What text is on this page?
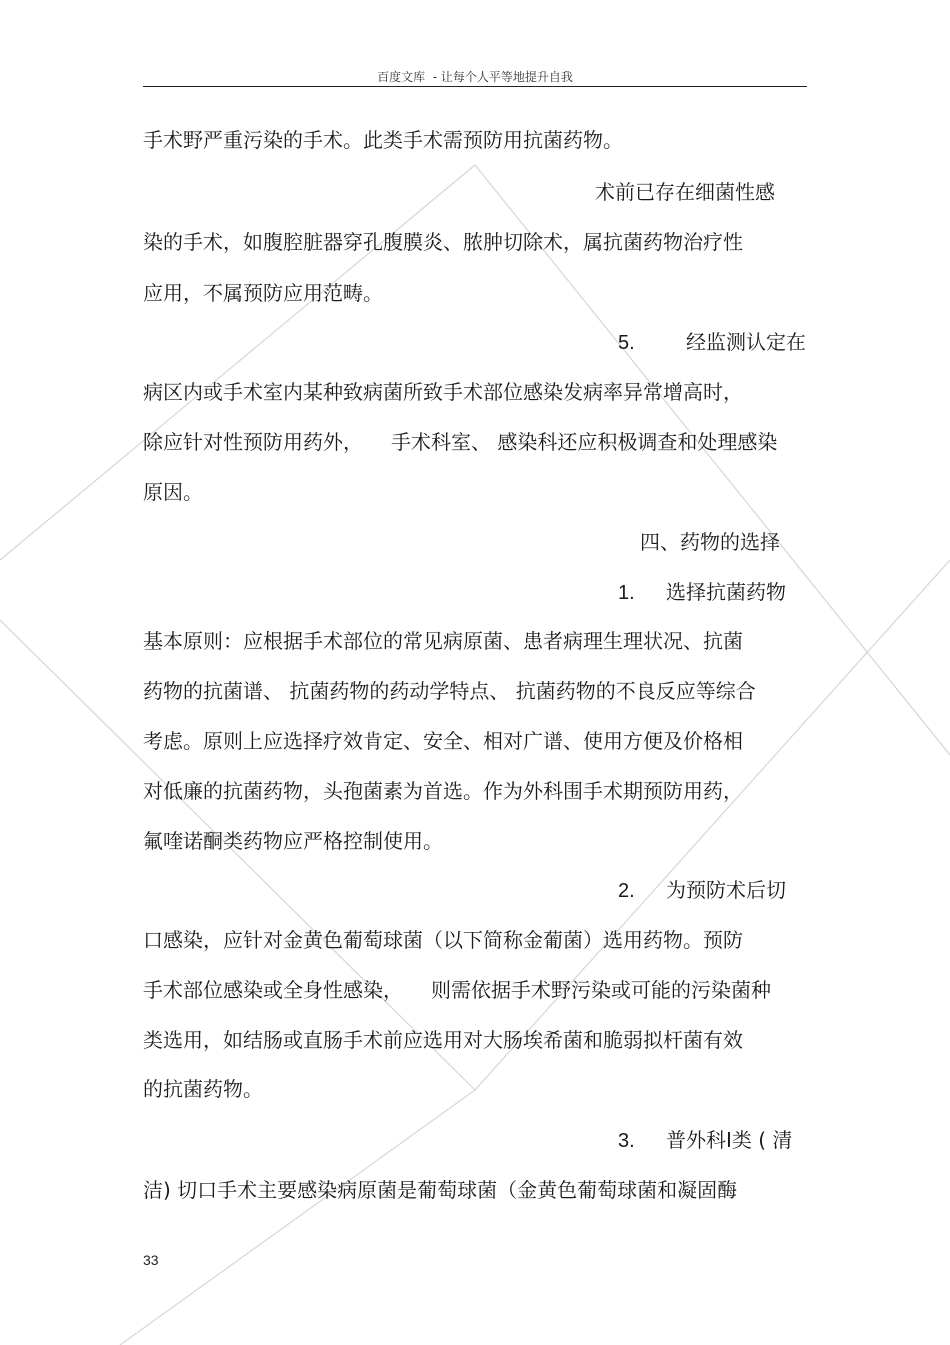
百度文库  - 让每个人平等地提升自我
手术野严重污染的手术。此类手术需预防用抗菌药物。
术前已存在细菌性感
染的手术，如腹腔脏器穿孔腹膜炎、脓肿切除术，属抗菌药物治疗性
应用，不属预防应用范畴。
5.	经监测认定在
病区内或手术室内某种致病菌所致手术部位感染发病率异常增高时，
除应针对性预防用药外， 手术科室、 感染科还应积极调查和处理感染
原因。
四、药物的选择
1. 选择抗菌药物
基本原则：应根据手术部位的常见病原菌、患者病理生理状况、抗菌
药物的抗菌谱、 抗菌药物的药动学特点、 抗菌药物的不良反应等综合
考虑。原则上应选择疗效肯定、安全、相对广谱、使用方便及价格相
对低廉的抗菌药物，头孢菌素为首选。作为外科围手术期预防用药，
氟喹诺酮类药物应严格控制使用。
2. 为预防术后切
口感染，应针对金黄色葡萄球菌（以下简称金葡菌）选用药物。预防
手术部位感染或全身性感染， 则需依据手术野污染或可能的污染菌种
类选用，如结肠或直肠手术前应选用对大肠埃希菌和脆弱拟杆菌有效
的抗菌药物。
3. 普外科Ⅰ类 ( 清
洁) 切口手术主要感染病原菌是葡萄球菌（金黄色葡萄球菌和凝固酶
33
